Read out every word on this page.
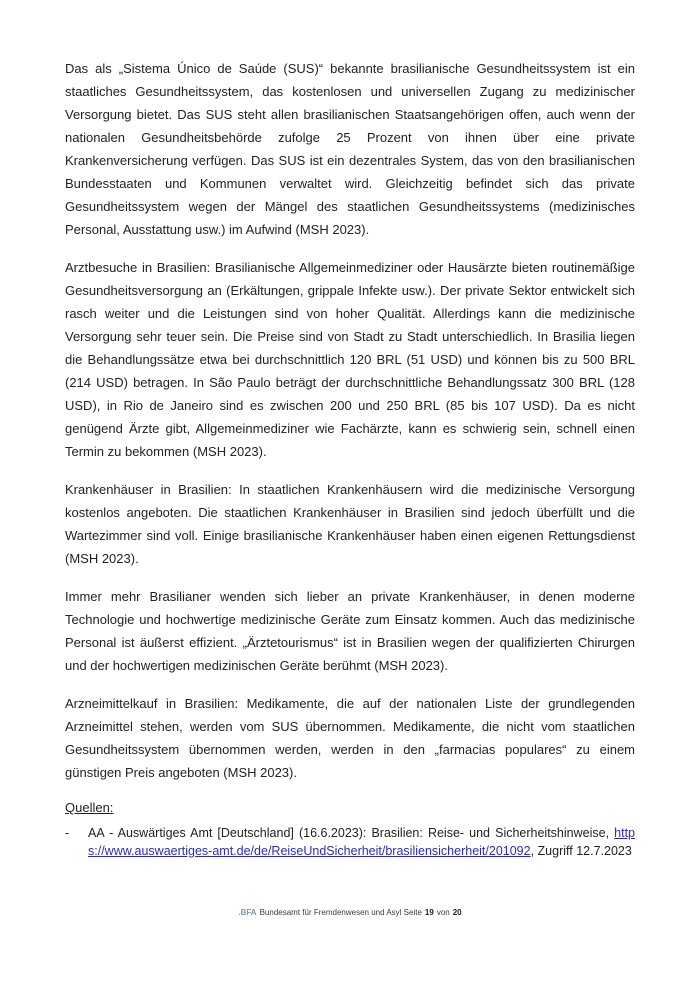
Das als „Sistema Único de Saúde (SUS)“ bekannte brasilianische Gesundheitssystem ist ein staatliches Gesundheitssystem, das kostenlosen und universellen Zugang zu medizinischer Versorgung bietet. Das SUS steht allen brasilianischen Staatsangehörigen offen, auch wenn der nationalen Gesundheitsbehörde zufolge 25 Prozent von ihnen über eine private Krankenversicherung verfügen. Das SUS ist ein dezentrales System, das von den brasilianischen Bundesstaaten und Kommunen verwaltet wird. Gleichzeitig befindet sich das private Gesundheitssystem wegen der Mängel des staatlichen Gesundheitssystems (medizinisches Personal, Ausstattung usw.) im Aufwind (MSH 2023).

Arztbesuche in Brasilien: Brasilianische Allgemeinmediziner oder Hausärzte bieten routinemäßige Gesundheitsversorgung an (Erkältungen, grippale Infekte usw.). Der private Sektor entwickelt sich rasch weiter und die Leistungen sind von hoher Qualität. Allerdings kann die medizinische Versorgung sehr teuer sein. Die Preise sind von Stadt zu Stadt unterschiedlich. In Brasilia liegen die Behandlungssätze etwa bei durchschnittlich 120 BRL (51 USD) und können bis zu 500 BRL (214 USD) betragen. In São Paulo beträgt der durchschnittliche Behandlungssatz 300 BRL (128 USD), in Rio de Janeiro sind es zwischen 200 und 250 BRL (85 bis 107 USD). Da es nicht genügend Ärzte gibt, Allgemeinmediziner wie Fachärzte, kann es schwierig sein, schnell einen Termin zu bekommen (MSH 2023).

Krankenhäuser in Brasilien: In staatlichen Krankenhäusern wird die medizinische Versorgung kostenlos angeboten. Die staatlichen Krankenhäuser in Brasilien sind jedoch überfüllt und die Wartezimmer sind voll. Einige brasilianische Krankenhäuser haben einen eigenen Rettungsdienst (MSH 2023).

Immer mehr Brasilianer wenden sich lieber an private Krankenhäuser, in denen moderne Technologie und hochwertige medizinische Geräte zum Einsatz kommen. Auch das medizinische Personal ist äußerst effizient. „Ärztetourismus“ ist in Brasilien wegen der qualifizierten Chirurgen und der hochwertigen medizinischen Geräte berühmt (MSH 2023).

Arzneimittelkauf in Brasilien: Medikamente, die auf der nationalen Liste der grundlegenden Arzneimittel stehen, werden vom SUS übernommen. Medikamente, die nicht vom staatlichen Gesundheitssystem übernommen werden, werden in den „farmacias populares“ zu einem günstigen Preis angeboten (MSH 2023).

Quellen:
-	AA - Auswärtiges Amt [Deutschland] (16.6.2023): Brasilien: Reise- und Sicherheitshinweise, https://www.auswaertiges-amt.de/de/ReiseUndSicherheit/brasiliensicherheit/201092, Zugriff 12.7.2023
.BFA Bundesamt für Fremdenwesen und Asyl Seite 19 von 20
